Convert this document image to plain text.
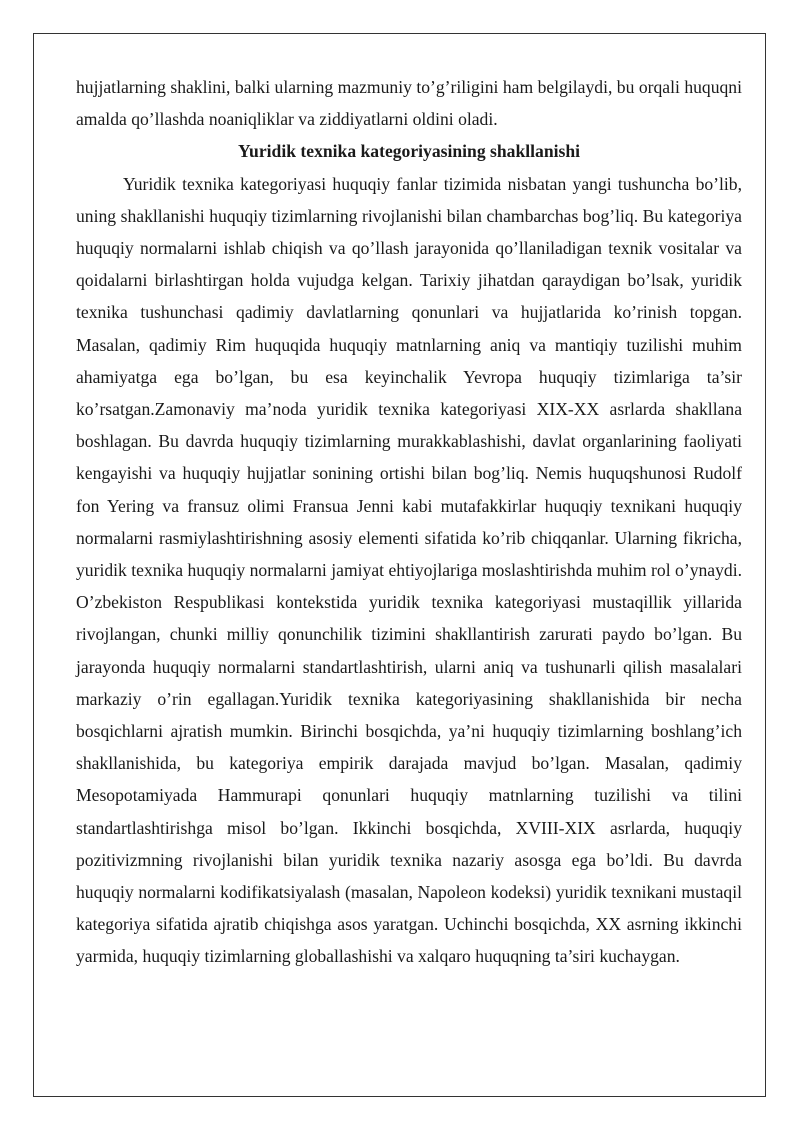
hujjatlarning shaklini, balki ularning mazmuniy to’g’riligini ham belgilaydi, bu orqali huquqni amalda qo’llashda noaniqliklar va ziddiyatlarni oldini oladi.

Yuridik texnika kategoriyasining shakllanishi

Yuridik texnika kategoriyasi huquqiy fanlar tizimida nisbatan yangi tushuncha bo’lib, uning shakllanishi huquqiy tizimlarning rivojlanishi bilan chambarchas bog’liq. Bu kategoriya huquqiy normalarni ishlab chiqish va qo’llash jarayonida qo’llaniladigan texnik vositalar va qoidalarni birlashtirgan holda vujudga kelgan. Tarixiy jihatdan qaraydigan bo’lsak, yuridik texnika tushunchasi qadimiy davlatlarning qonunlari va hujjatlarida ko’rinish topgan. Masalan, qadimiy Rim huquqida huquqiy matnlarning aniq va mantiqiy tuzilishi muhim ahamiyatga ega bo’lgan, bu esa keyinchalik Yevropa huquqiy tizimlariga ta’sir ko’rsatgan.Zamonaviy ma’noda yuridik texnika kategoriyasi XIX-XX asrlarda shakllana boshlagan. Bu davrda huquqiy tizimlarning murakkablashishi, davlat organlarining faoliyati kengayishi va huquqiy hujjatlar sonining ortishi bilan bog’liq. Nemis huquqshunosi Rudolf fon Yering va fransuz olimi Fransua Jenni kabi mutafakkirlar huquqiy texnikani huquqiy normalarni rasmiylashtirishning asosiy elementi sifatida ko’rib chiqqanlar. Ularning fikricha, yuridik texnika huquqiy normalarni jamiyat ehtiyojlariga moslashtirishda muhim rol o’ynaydi. O’zbekiston Respublikasi kontekstida yuridik texnika kategoriyasi mustaqillik yillarida rivojlangan, chunki milliy qonunchilik tizimini shakllantirish zarurati paydo bo’lgan. Bu jarayonda huquqiy normalarni standartlashtirish, ularni aniq va tushunarli qilish masalalari markaziy o’rin egallagan.Yuridik texnika kategoriyasining shakllanishida bir necha bosqichlarni ajratish mumkin. Birinchi bosqichda, ya’ni huquqiy tizimlarning boshlang’ich shakllanishida, bu kategoriya empirik darajada mavjud bo’lgan. Masalan, qadimiy Mesopotamiyada Hammurapi qonunlari huquqiy matnlarning tuzilishi va tilini standartlashtirishga misol bo’lgan. Ikkinchi bosqichda, XVIII-XIX asrlarda, huquqiy pozitivizmning rivojlanishi bilan yuridik texnika nazariy asosga ega bo’ldi. Bu davrda huquqiy normalarni kodifikatsiyalash (masalan, Napoleon kodeksi) yuridik texnikani mustaqil kategoriya sifatida ajratib chiqishga asos yaratgan. Uchinchi bosqichda, XX asrning ikkinchi yarmida, huquqiy tizimlarning globallashishi va xalqaro huquqning ta’siri kuchaygan.
